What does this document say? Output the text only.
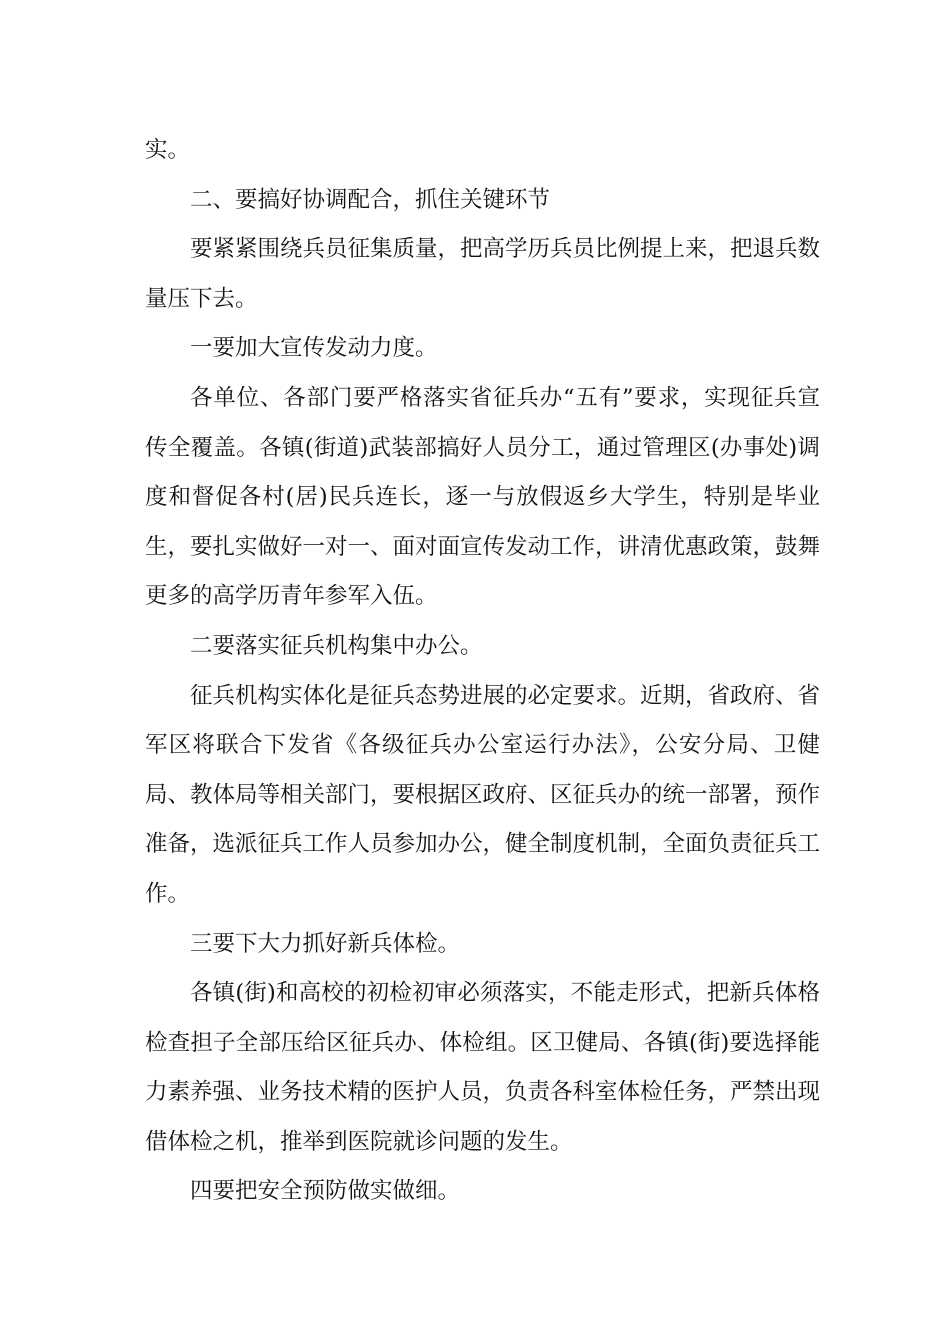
实。

二、要搞好协调配合，抓住关键环节

要紧紧围绕兵员征集质量，把高学历兵员比例提上来，把退兵数量压下去。

一要加大宣传发动力度。

各单位、各部门要严格落实省征兵办“五有”要求，实现征兵宣传全覆盖。各镇(街道)武装部搞好人员分工，通过管理区(办事处)调度和督促各村(居)民兵连长，逐一与放假返乡大学生，特别是毕业生，要扎实做好一对一、面对面宣传发动工作，讲清优惠政策，鼓舞更多的高学历青年参军入伍。

二要落实征兵机构集中办公。

征兵机构实体化是征兵态势进展的必定要求。近期，省政府、省军区将联合下发省《各级征兵办公室运行办法》，公安分局、卫健局、教体局等相关部门，要根据区政府、区征兵办的统一部署，预作准备，选派征兵工作人员参加办公，健全制度机制，全面负责征兵工作。

三要下大力抓好新兵体检。

各镇(街)和高校的初检初审必须落实，不能走形式，把新兵体格检查担子全部压给区征兵办、体检组。区卫健局、各镇(街)要选择能力素养强、业务技术精的医护人员，负责各科室体检任务，严禁出现借体检之机，推举到医院就诊问题的发生。

四要把安全预防做实做细。
